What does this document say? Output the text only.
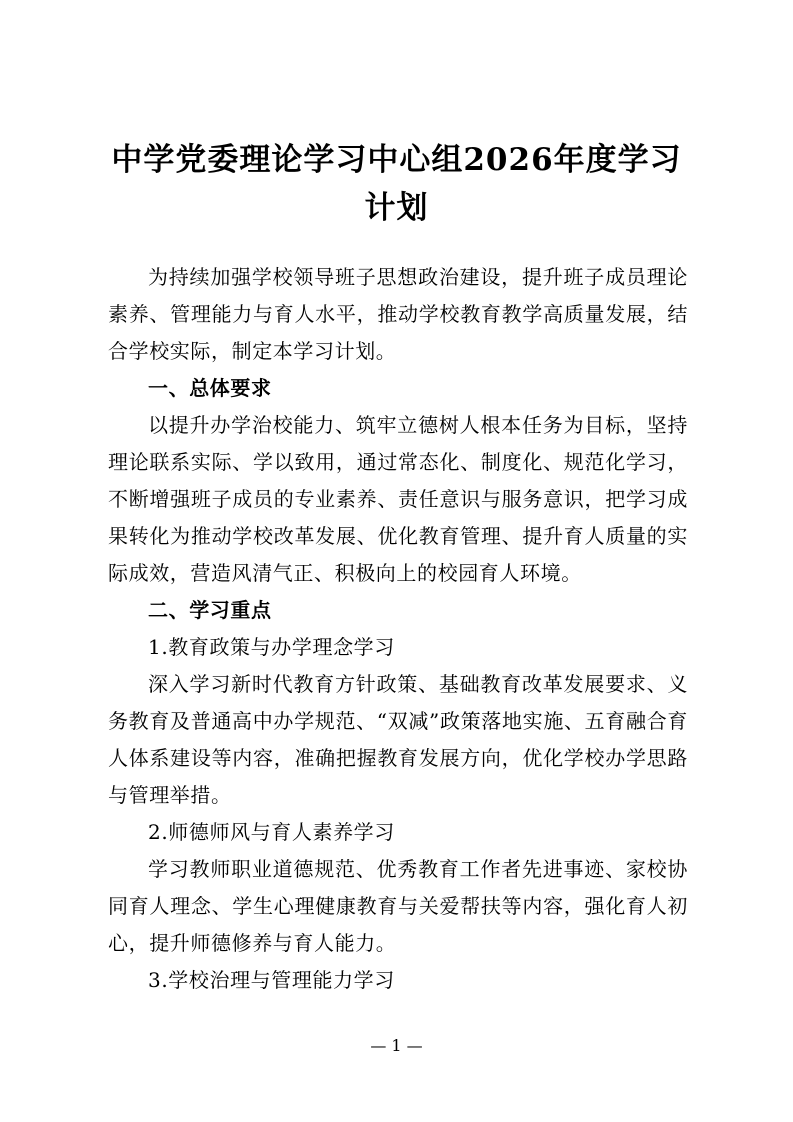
中学党委理论学习中心组2026年度学习计划

为持续加强学校领导班子思想政治建设，提升班子成员理论素养、管理能力与育人水平，推动学校教育教学高质量发展，结合学校实际，制定本学习计划。

一、总体要求

以提升办学治校能力、筑牢立德树人根本任务为目标，坚持理论联系实际、学以致用，通过常态化、制度化、规范化学习，不断增强班子成员的专业素养、责任意识与服务意识，把学习成果转化为推动学校改革发展、优化教育管理、提升育人质量的实际成效，营造风清气正、积极向上的校园育人环境。

二、学习重点

1.教育政策与办学理念学习

深入学习新时代教育方针政策、基础教育改革发展要求、义务教育及普通高中办学规范、“双减”政策落地实施、五育融合育人体系建设等内容，准确把握教育发展方向，优化学校办学思路与管理举措。

2.师德师风与育人素养学习

学习教师职业道德规范、优秀教育工作者先进事迹、家校协同育人理念、学生心理健康教育与关爱帮扶等内容，强化育人初心，提升师德修养与育人能力。

3.学校治理与管理能力学习

— 1 —
